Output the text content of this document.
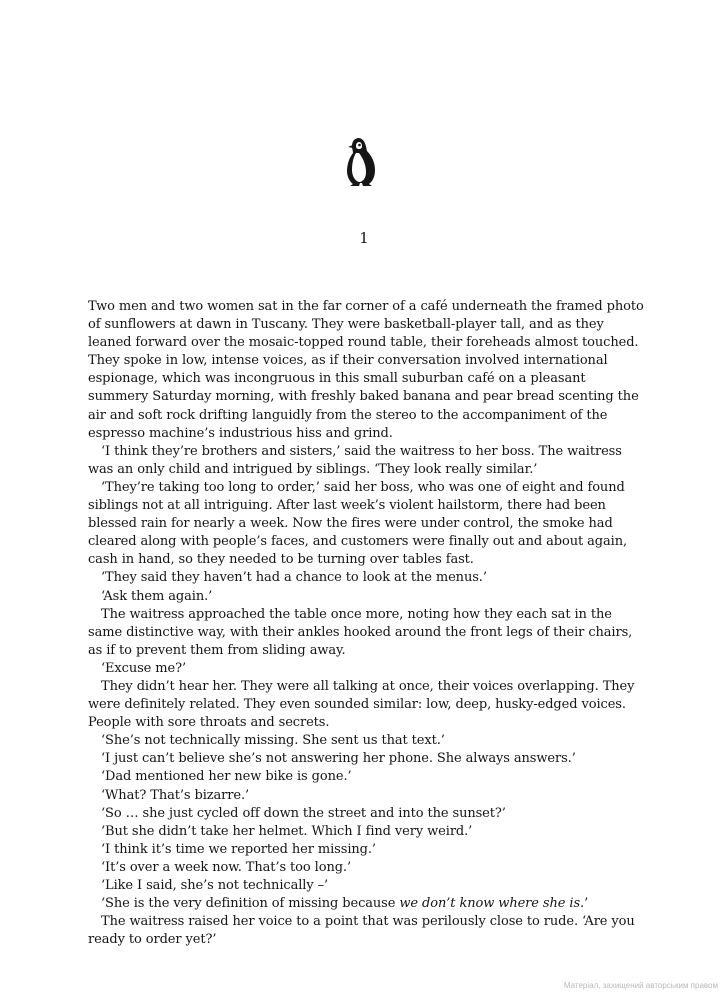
1

Two men and two women sat in the far corner of a café underneath the framed photo of sunflowers at dawn in Tuscany. They were basketball-player tall, and as they leaned forward over the mosaic-topped round table, their foreheads almost touched. They spoke in low, intense voices, as if their conversation involved international espionage, which was incongruous in this small suburban café on a pleasant summery Saturday morning, with freshly baked banana and pear bread scenting the air and soft rock drifting languidly from the stereo to the accompaniment of the espresso machine’s industrious hiss and grind.

‘I think they’re brothers and sisters,’ said the waitress to her boss. The waitress was an only child and intrigued by siblings. ‘They look really similar.’

‘They’re taking too long to order,’ said her boss, who was one of eight and found siblings not at all intriguing. After last week’s violent hailstorm, there had been blessed rain for nearly a week. Now the fires were under control, the smoke had cleared along with people’s faces, and customers were finally out and about again, cash in hand, so they needed to be turning over tables fast.

‘They said they haven’t had a chance to look at the menus.’

‘Ask them again.’

The waitress approached the table once more, noting how they each sat in the same distinctive way, with their ankles hooked around the front legs of their chairs, as if to prevent them from sliding away.

‘Excuse me?’

They didn’t hear her. They were all talking at once, their voices overlapping. They were definitely related. They even sounded similar: low, deep, husky-edged voices. People with sore throats and secrets.

‘She’s not technically missing. She sent us that text.’

‘I just can’t believe she’s not answering her phone. She always answers.’

‘Dad mentioned her new bike is gone.’

‘What? That’s bizarre.’

‘So … she just cycled off down the street and into the sunset?’

‘But she didn’t take her helmet. Which I find very weird.’

‘I think it’s time we reported her missing.’

‘It’s over a week now. That’s too long.’

‘Like I said, she’s not technically –’

‘She is the very definition of missing because we don’t know where she is.’

The waitress raised her voice to a point that was perilously close to rude. ‘Are you ready to order yet?’

Матеріал, захищений авторським правом
